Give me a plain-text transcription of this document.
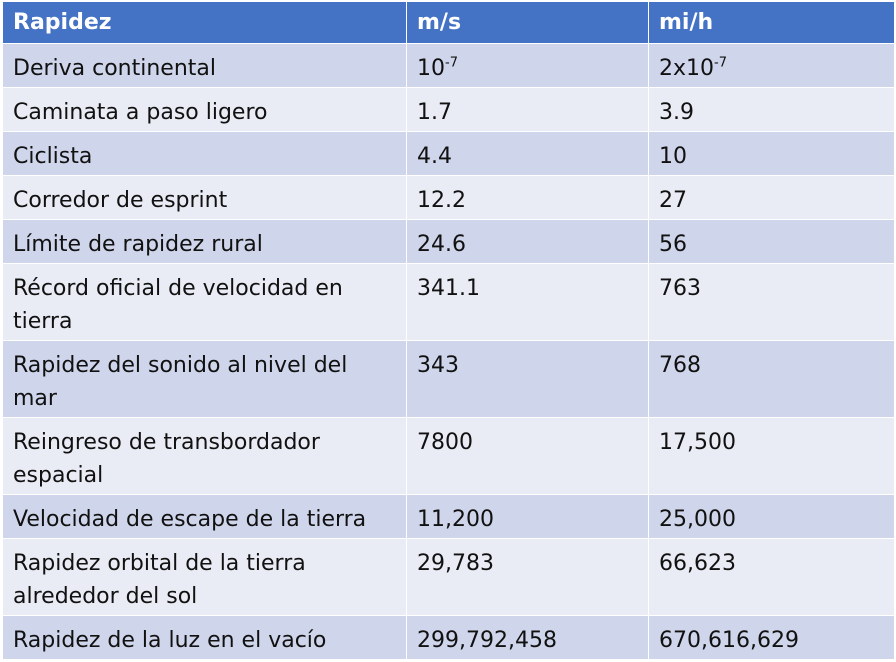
Rapidez	m/s	mi/h
Deriva continental	$10^{-7}$	$2x10^{-7}$
Caminata a paso ligero	1.7	3.9
Ciclista	4.4	10
Corredor de esprint	12.2	27
Límite de rapidez rural	24.6	56
Récord oficial de velocidad en tierra	341.1	763
Rapidez del sonido al nivel del mar	343	768
Reingreso de transbordador espacial	7800	17,500
Velocidad de escape de la tierra	11,200	25,000
Rapidez orbital de la tierra alrededor del sol	29,783	66,623
Rapidez de la luz en el vacío	299,792,458	670,616,629
